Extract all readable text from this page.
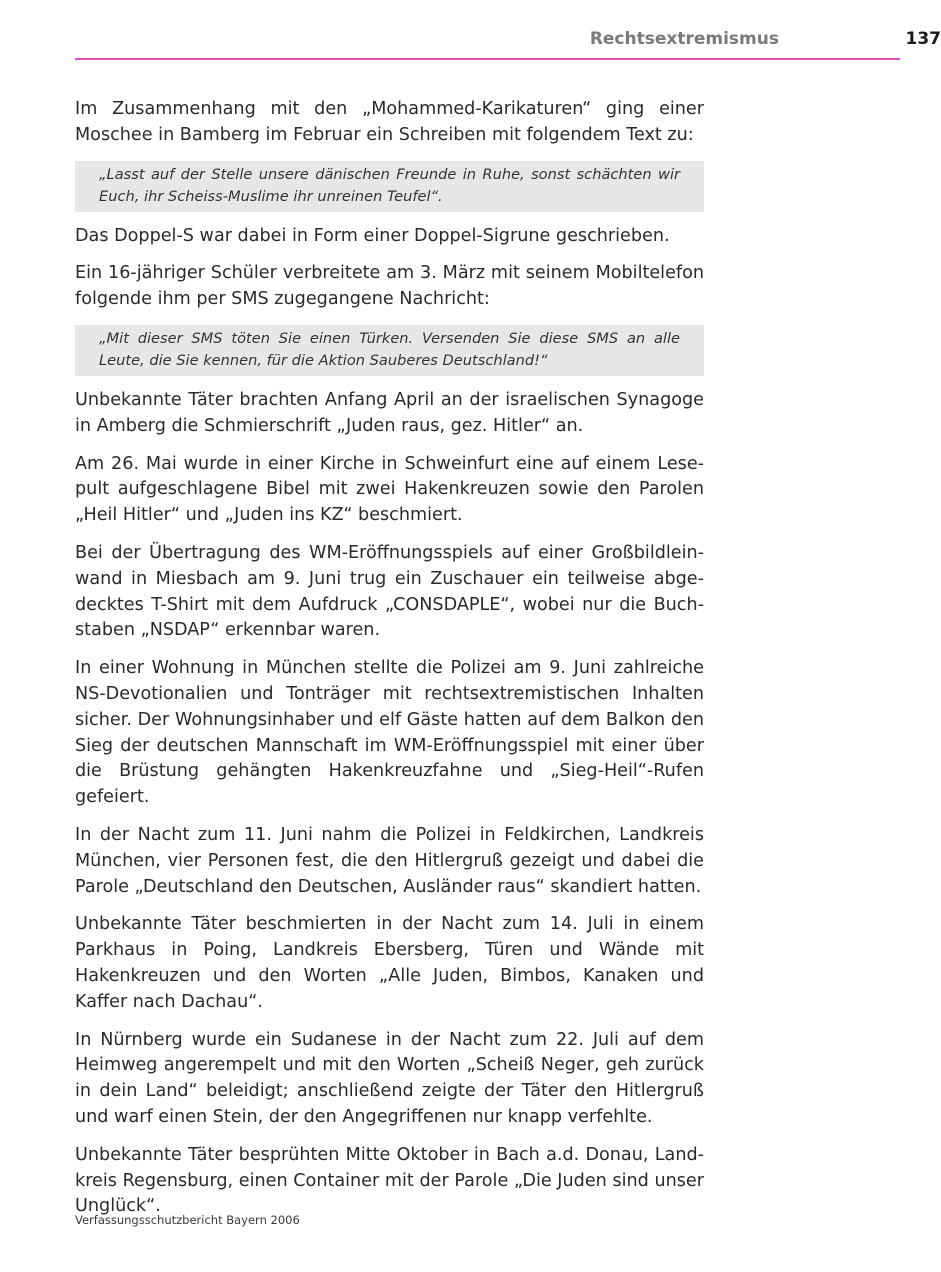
Rechtsextremismus	137

Im Zusammenhang mit den „Mohammed-Karikaturen“ ging einer Moschee in Bamberg im Februar ein Schreiben mit folgendem Text zu:

„Lasst auf der Stelle unsere dänischen Freunde in Ruhe, sonst schächten wir Euch, ihr Scheiss-Muslime ihr unreinen Teufel“.

Das Doppel-S war dabei in Form einer Doppel-Sigrune geschrieben.

Ein 16-jähriger Schüler verbreitete am 3. März mit seinem Mobiltelefon folgende ihm per SMS zugegangene Nachricht:

„Mit dieser SMS töten Sie einen Türken. Versenden Sie diese SMS an alle Leute, die Sie kennen, für die Aktion Sauberes Deutschland!“

Unbekannte Täter brachten Anfang April an der israelischen Synagoge in Amberg die Schmierschrift „Juden raus, gez. Hitler“ an.

Am 26. Mai wurde in einer Kirche in Schweinfurt eine auf einem Lesepult aufgeschlagene Bibel mit zwei Hakenkreuzen sowie den Parolen „Heil Hitler“ und „Juden ins KZ“ beschmiert.

Bei der Übertragung des WM-Eröffnungsspiels auf einer Großbildleinwand in Miesbach am 9. Juni trug ein Zuschauer ein teilweise abgedecktes T-Shirt mit dem Aufdruck „CONSDAPLE“, wobei nur die Buchstaben „NSDAP“ erkennbar waren.

In einer Wohnung in München stellte die Polizei am 9. Juni zahlreiche NS-Devotionalien und Tonträger mit rechtsextremistischen Inhalten sicher. Der Wohnungsinhaber und elf Gäste hatten auf dem Balkon den Sieg der deutschen Mannschaft im WM-Eröffnungsspiel mit einer über die Brüstung gehängten Hakenkreuzfahne und „Sieg-Heil“-Rufen gefeiert.

In der Nacht zum 11. Juni nahm die Polizei in Feldkirchen, Landkreis München, vier Personen fest, die den Hitlergruß gezeigt und dabei die Parole „Deutschland den Deutschen, Ausländer raus“ skandiert hatten.

Unbekannte Täter beschmierten in der Nacht zum 14. Juli in einem Parkhaus in Poing, Landkreis Ebersberg, Türen und Wände mit Hakenkreuzen und den Worten „Alle Juden, Bimbos, Kanaken und Kaffer nach Dachau“.

In Nürnberg wurde ein Sudanese in der Nacht zum 22. Juli auf dem Heimweg angerempelt und mit den Worten „Scheiß Neger, geh zurück in dein Land“ beleidigt; anschließend zeigte der Täter den Hitlergruß und warf einen Stein, der den Angegriffenen nur knapp verfehlte.

Unbekannte Täter besprühten Mitte Oktober in Bach a.d. Donau, Landkreis Regensburg, einen Container mit der Parole „Die Juden sind unser Unglück“.

Verfassungsschutzbericht Bayern 2006
